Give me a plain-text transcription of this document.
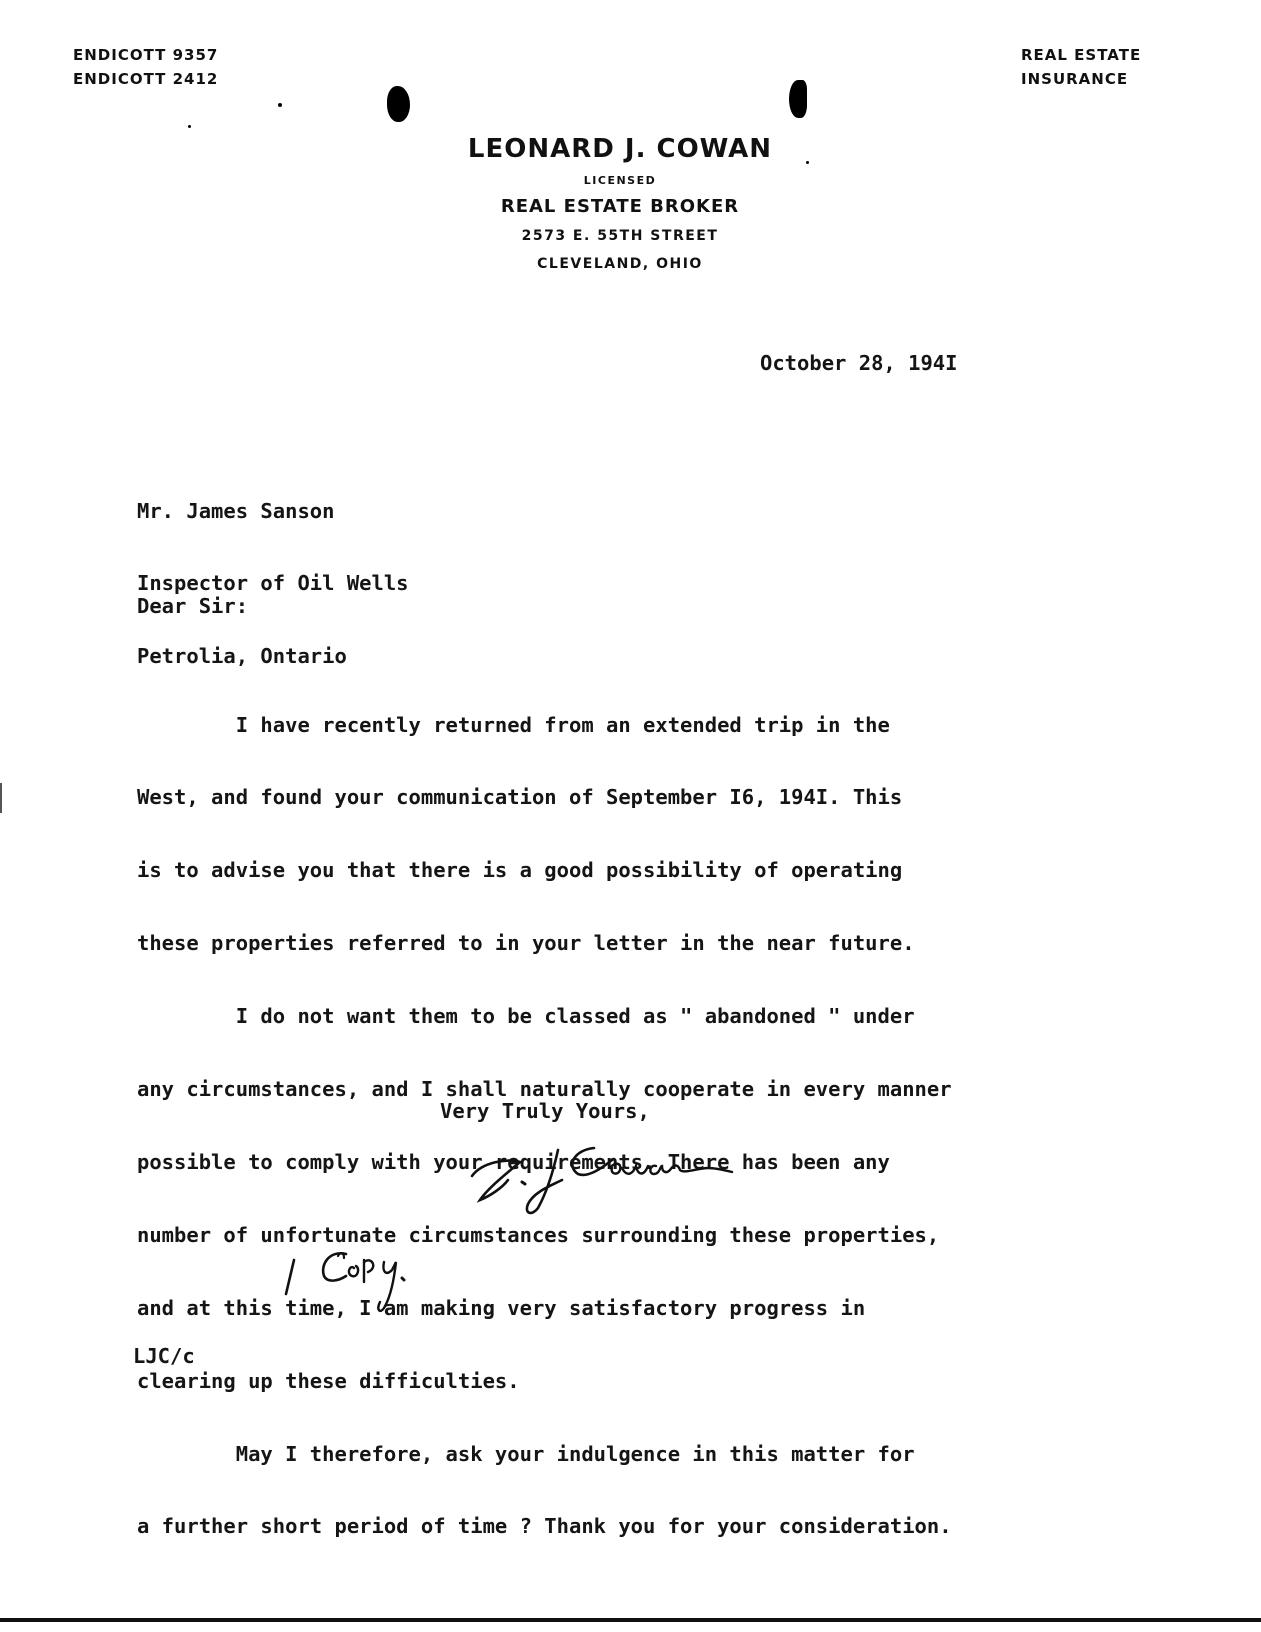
ENDICOTT 9357
ENDICOTT 2412
REAL ESTATE
INSURANCE
LEONARD J. COWAN
LICENSED
REAL ESTATE BROKER
2573 E. 55TH STREET
CLEVELAND, OHIO
October 28, 194I

Mr. James Sanson

Inspector of Oil Wells

Petrolia, Ontario

Dear Sir:

I have recently returned from an extended trip in the

West, and found your communication of September I6, 194I. This

is to advise you that there is a good possibility of operating

these properties referred to in your letter in the near future.

I do not want them to be classed as " abandoned " under

any circumstances, and I shall naturally cooperate in every manner

possible to comply with your requirements. There has been any

number of unfortunate circumstances surrounding these properties,

and at this time, I am making very satisfactory progress in

clearing up these difficulties.

May I therefore, ask your indulgence in this matter for

a further short period of time ? Thank you for your consideration.

Very Truly Yours,
LJC/c
